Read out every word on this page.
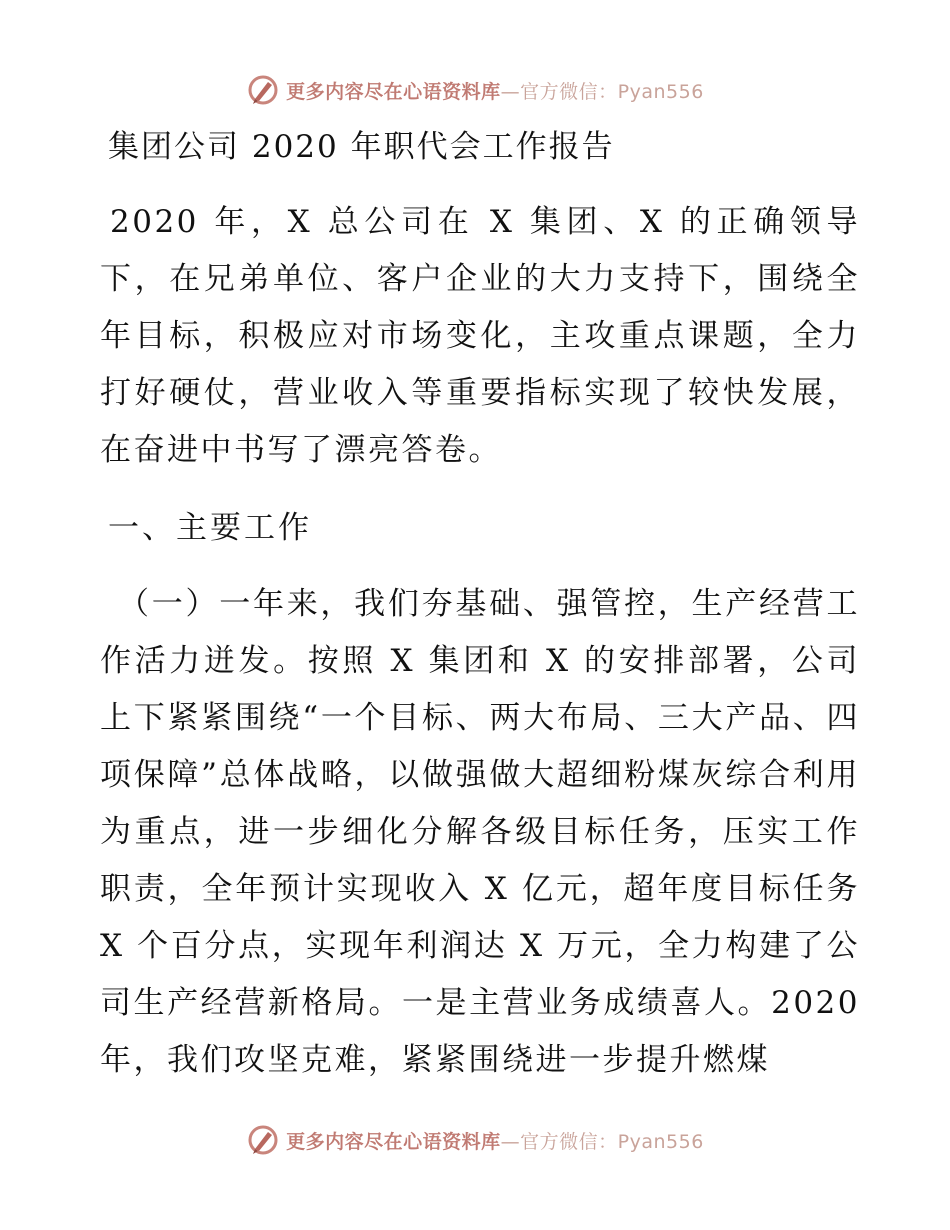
更多内容尽在心语资料库—官方微信：Pyan556
集团公司 2020 年职代会工作报告
2020 年，X 总公司在 X 集团、X 的正确领导下，在兄弟单位、客户企业的大力支持下，围绕全年目标，积极应对市场变化，主攻重点课题，全力打好硬仗，营业收入等重要指标实现了较快发展，在奋进中书写了漂亮答卷。
一、主要工作
（一）一年来，我们夯基础、强管控，生产经营工作活力迸发。按照 X 集团和 X 的安排部署，公司上下紧紧围绕“一个目标、两大布局、三大产品、四项保障”总体战略，以做强做大超细粉煤灰综合利用为重点，进一步细化分解各级目标任务，压实工作职责，全年预计实现收入 X 亿元，超年度目标任务 X 个百分点，实现年利润达 X 万元，全力构建了公司生产经营新格局。一是主营业务成绩喜人。2020 年，我们攻坚克难，紧紧围绕进一步提升燃煤
更多内容尽在心语资料库—官方微信：Pyan556
